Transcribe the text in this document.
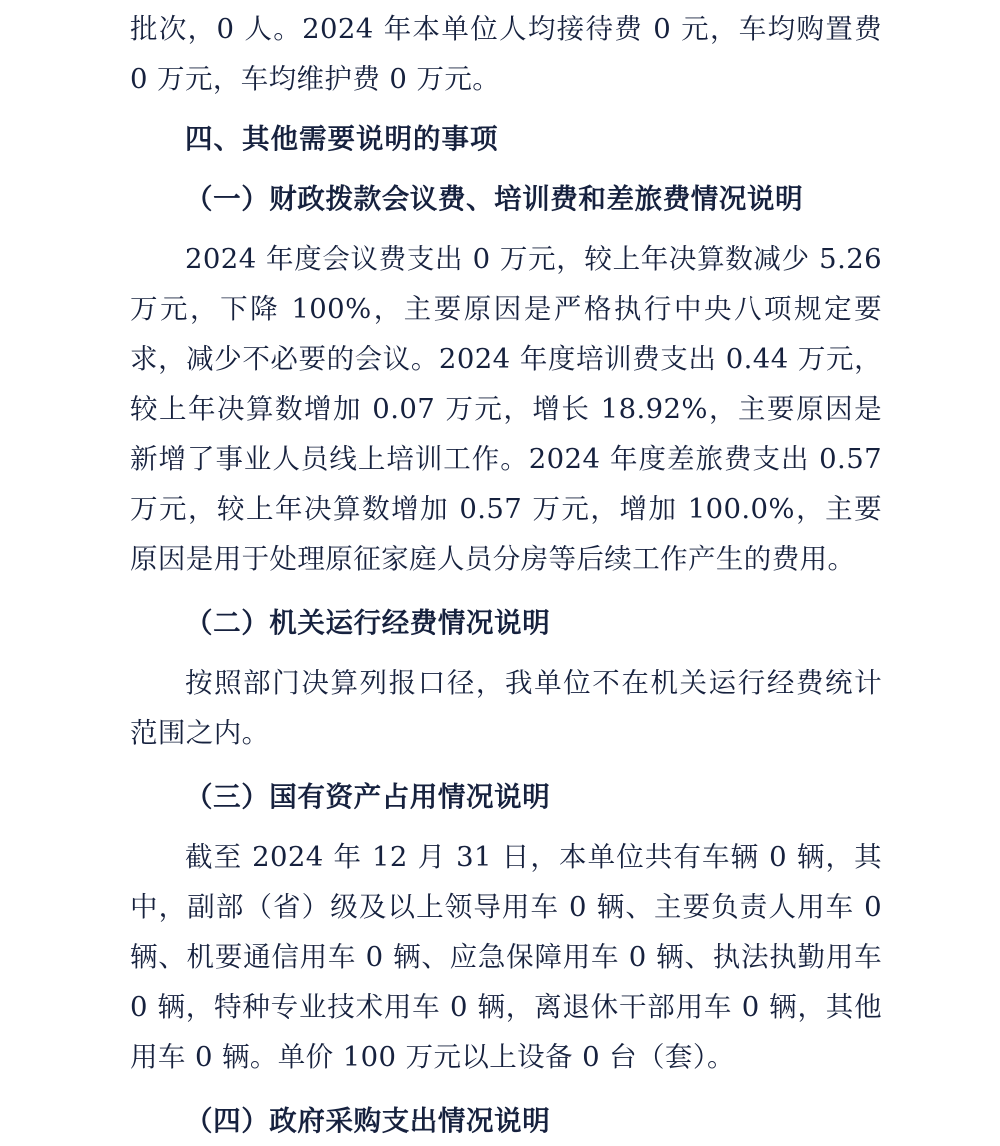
批次，0 人。2024 年本单位人均接待费 0 元，车均购置费 0 万元，车均维护费 0 万元。

四、其他需要说明的事项

（一）财政拨款会议费、培训费和差旅费情况说明

2024 年度会议费支出 0 万元，较上年决算数减少 5.26 万元，下降 100%，主要原因是严格执行中央八项规定要求，减少不必要的会议。2024 年度培训费支出 0.44 万元，较上年决算数增加 0.07 万元，增长 18.92%，主要原因是新增了事业人员线上培训工作。2024 年度差旅费支出 0.57 万元，较上年决算数增加 0.57 万元，增加 100.0%，主要原因是用于处理原征家庭人员分房等后续工作产生的费用。

（二）机关运行经费情况说明

按照部门决算列报口径，我单位不在机关运行经费统计范围之内。

（三）国有资产占用情况说明

截至 2024 年 12 月 31 日，本单位共有车辆 0 辆，其中，副部（省）级及以上领导用车 0 辆、主要负责人用车 0 辆、机要通信用车 0 辆、应急保障用车 0 辆、执法执勤用车 0 辆，特种专业技术用车 0 辆，离退休干部用车 0 辆，其他用车 0 辆。单价 100 万元以上设备 0 台（套）。

（四）政府采购支出情况说明
